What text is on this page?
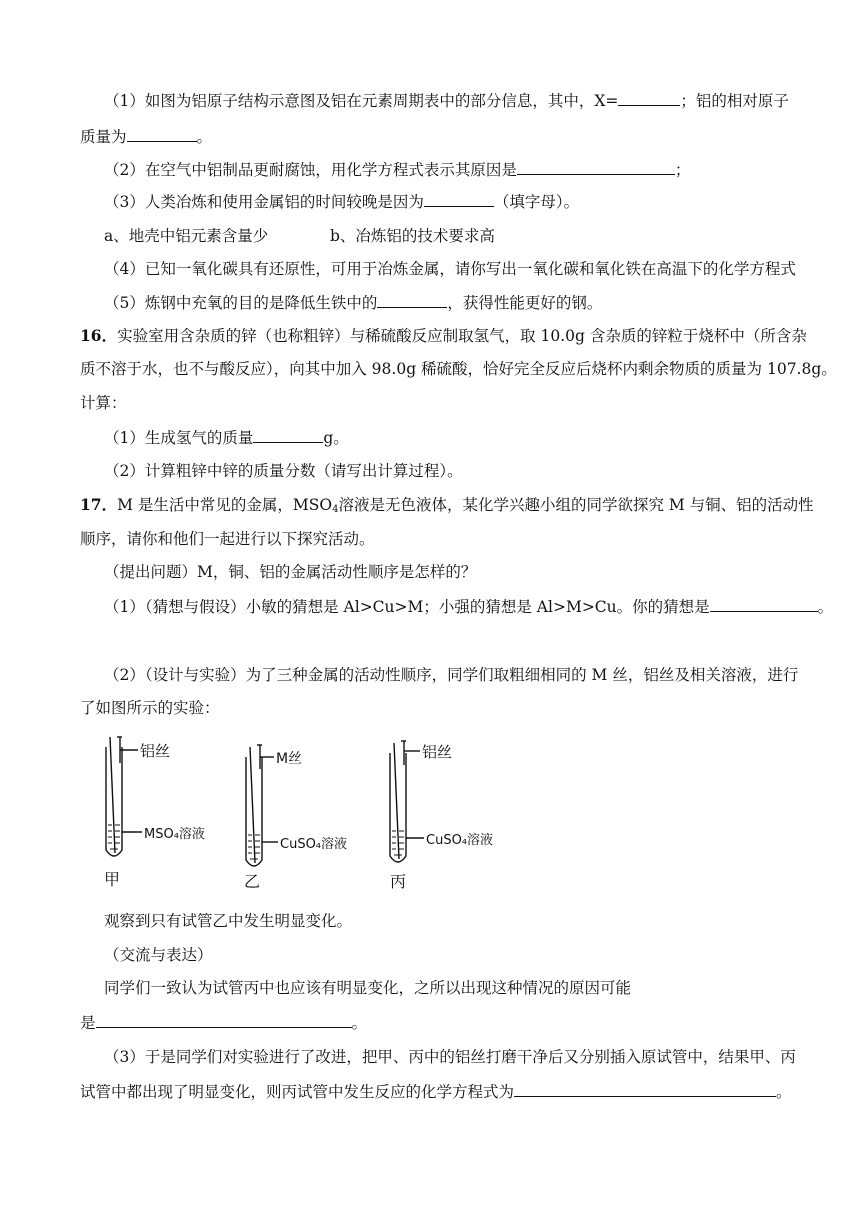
（1）如图为铝原子结构示意图及铝在元素周期表中的部分信息，其中，X=	；铝的相对原子
质量为	。
（2）在空气中铝制品更耐腐蚀，用化学方程式表示其原因是	；
（3）人类冶炼和使用金属铝的时间较晚是因为	（填字母）。
a、地壳中铝元素含量少	b、冶炼铝的技术要求高
（4）已知一氧化碳具有还原性，可用于冶炼金属，请你写出一氧化碳和氧化铁在高温下的化学方程式
（5）炼钢中充氧的目的是降低生铁中的	，获得性能更好的钢。
16．实验室用含杂质的锌（也称粗锌）与稀硫酸反应制取氢气，取 10.0g 含杂质的锌粒于烧杯中（所含杂
质不溶于水，也不与酸反应），向其中加入 98.0g 稀硫酸，恰好完全反应后烧杯内剩余物质的质量为 107.8g。
计算：
（1）生成氢气的质量	g。
（2）计算粗锌中锌的质量分数（请写出计算过程）。
17．M 是生活中常见的金属，$MSO_4$溶液是无色液体，某化学兴趣小组的同学欲探究 M 与铜、铝的活动性
顺序，请你和他们一起进行以下探究活动。
（提出问题）M，铜、铝的金属活动性顺序是怎样的？
（1）（猜想与假设）小敏的猜想是 Al>Cu>M；小强的猜想是 Al>M>Cu。你的猜想是	。
（2）（设计与实验）为了三种金属的活动性顺序，同学们取粗细相同的 M 丝，铝丝及相关溶液，进行
了如图所示的实验：
铝丝
MSO₄溶液
甲
M丝
CuSO₄溶液
乙
铝丝
CuSO₄溶液
丙
观察到只有试管乙中发生明显变化。
（交流与表达）
同学们一致认为试管丙中也应该有明显变化，之所以出现这种情况的原因可能
是	。
（3）于是同学们对实验进行了改进，把甲、丙中的铝丝打磨干净后又分别插入原试管中，结果甲、丙
试管中都出现了明显变化，则丙试管中发生反应的化学方程式为	。
